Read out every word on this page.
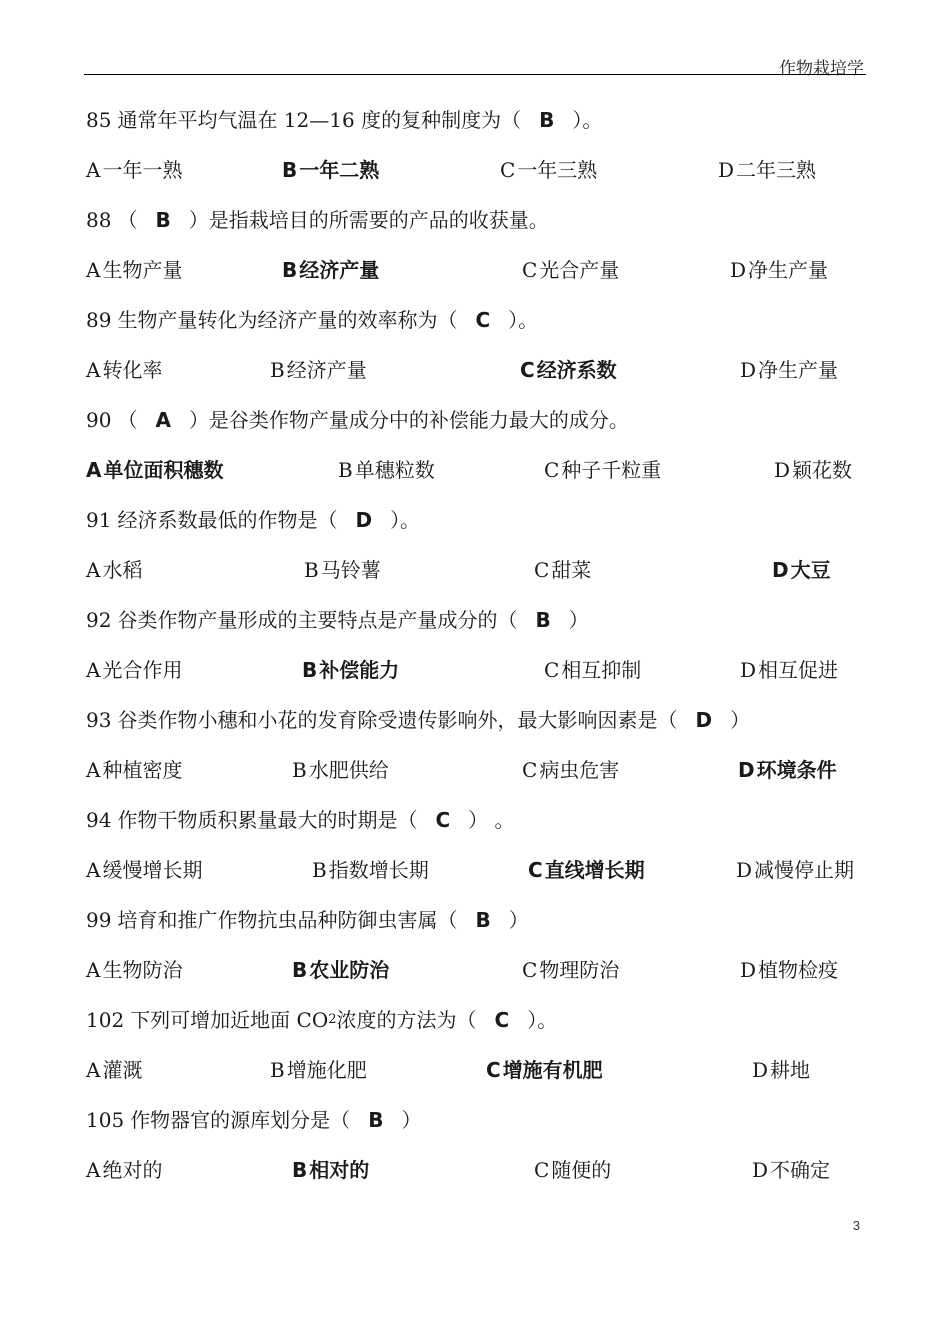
作物栽培学
85 通常年平均气温在 12—16 度的复种制度为（ B ）。
A 一年一熟	B 一年二熟	C 一年三熟	D 二年三熟
88 （ B ）是指栽培目的所需要的产品的收获量。
A 生物产量	B 经济产量	C 光合产量	D 净生产量
89 生物产量转化为经济产量的效率称为（ C ）。
A 转化率	B 经济产量	C 经济系数	D 净生产量
90 （ A ）是谷类作物产量成分中的补偿能力最大的成分。
A 单位面积穗数	B 单穗粒数	C 种子千粒重	D 颖花数
91 经济系数最低的作物是（ D ）。
A 水稻	B 马铃薯	C 甜菜	D 大豆
92 谷类作物产量形成的主要特点是产量成分的（ B ）
A 光合作用	B 补偿能力	C 相互抑制	D 相互促进
93 谷类作物小穗和小花的发育除受遗传影响外，最大影响因素是（ D ）
A 种植密度	B 水肥供给	C 病虫危害	D 环境条件
94 作物干物质积累量最大的时期是（ C ） 。
A 缓慢增长期	B 指数增长期	C 直线增长期	D 减慢停止期
99 培育和推广作物抗虫品种防御虫害属（ B ）
A 生物防治	B 农业防治	C 物理防治	D 植物检疫
102 下列可增加近地面 CO 2 浓度的方法为（ C ）。
A 灌溉	B 增施化肥	C 增施有机肥	D 耕地
105 作物器官的源库划分是（ B ）
A 绝对的	B 相对的	C 随便的	D 不确定
3
